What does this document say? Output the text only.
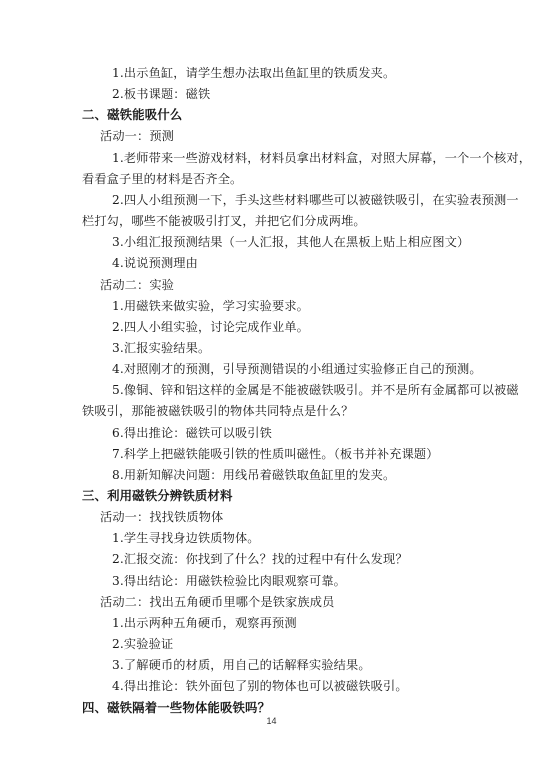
1.出示鱼缸，请学生想办法取出鱼缸里的铁质发夹。
2.板书课题：磁铁
二、磁铁能吸什么
活动一：预测
1.老师带来一些游戏材料，材料员拿出材料盒，对照大屏幕，一个一个核对，
看看盒子里的材料是否齐全。
2.四人小组预测一下，手头这些材料哪些可以被磁铁吸引，在实验表预测一
栏打勾，哪些不能被吸引打叉，并把它们分成两堆。
3.小组汇报预测结果（一人汇报，其他人在黑板上贴上相应图文）
4.说说预测理由
活动二：实验
1.用磁铁来做实验，学习实验要求。
2.四人小组实验，讨论完成作业单。
3.汇报实验结果。
4.对照刚才的预测，引导预测错误的小组通过实验修正自己的预测。
5.像铜、锌和铝这样的金属是不能被磁铁吸引。并不是所有金属都可以被磁
铁吸引，那能被磁铁吸引的物体共同特点是什么？
6.得出推论：磁铁可以吸引铁
7.科学上把磁铁能吸引铁的性质叫磁性。（板书并补充课题）
8.用新知解决问题：用线吊着磁铁取鱼缸里的发夹。
三、利用磁铁分辨铁质材料
活动一：找找铁质物体
1.学生寻找身边铁质物体。
2.汇报交流：你找到了什么？找的过程中有什么发现？
3.得出结论：用磁铁检验比肉眼观察可靠。
活动二：找出五角硬币里哪个是铁家族成员
1.出示两种五角硬币，观察再预测
2.实验验证
3.了解硬币的材质，用自己的话解释实验结果。
4.得出推论：铁外面包了别的物体也可以被磁铁吸引。
四、磁铁隔着一些物体能吸铁吗？
14
